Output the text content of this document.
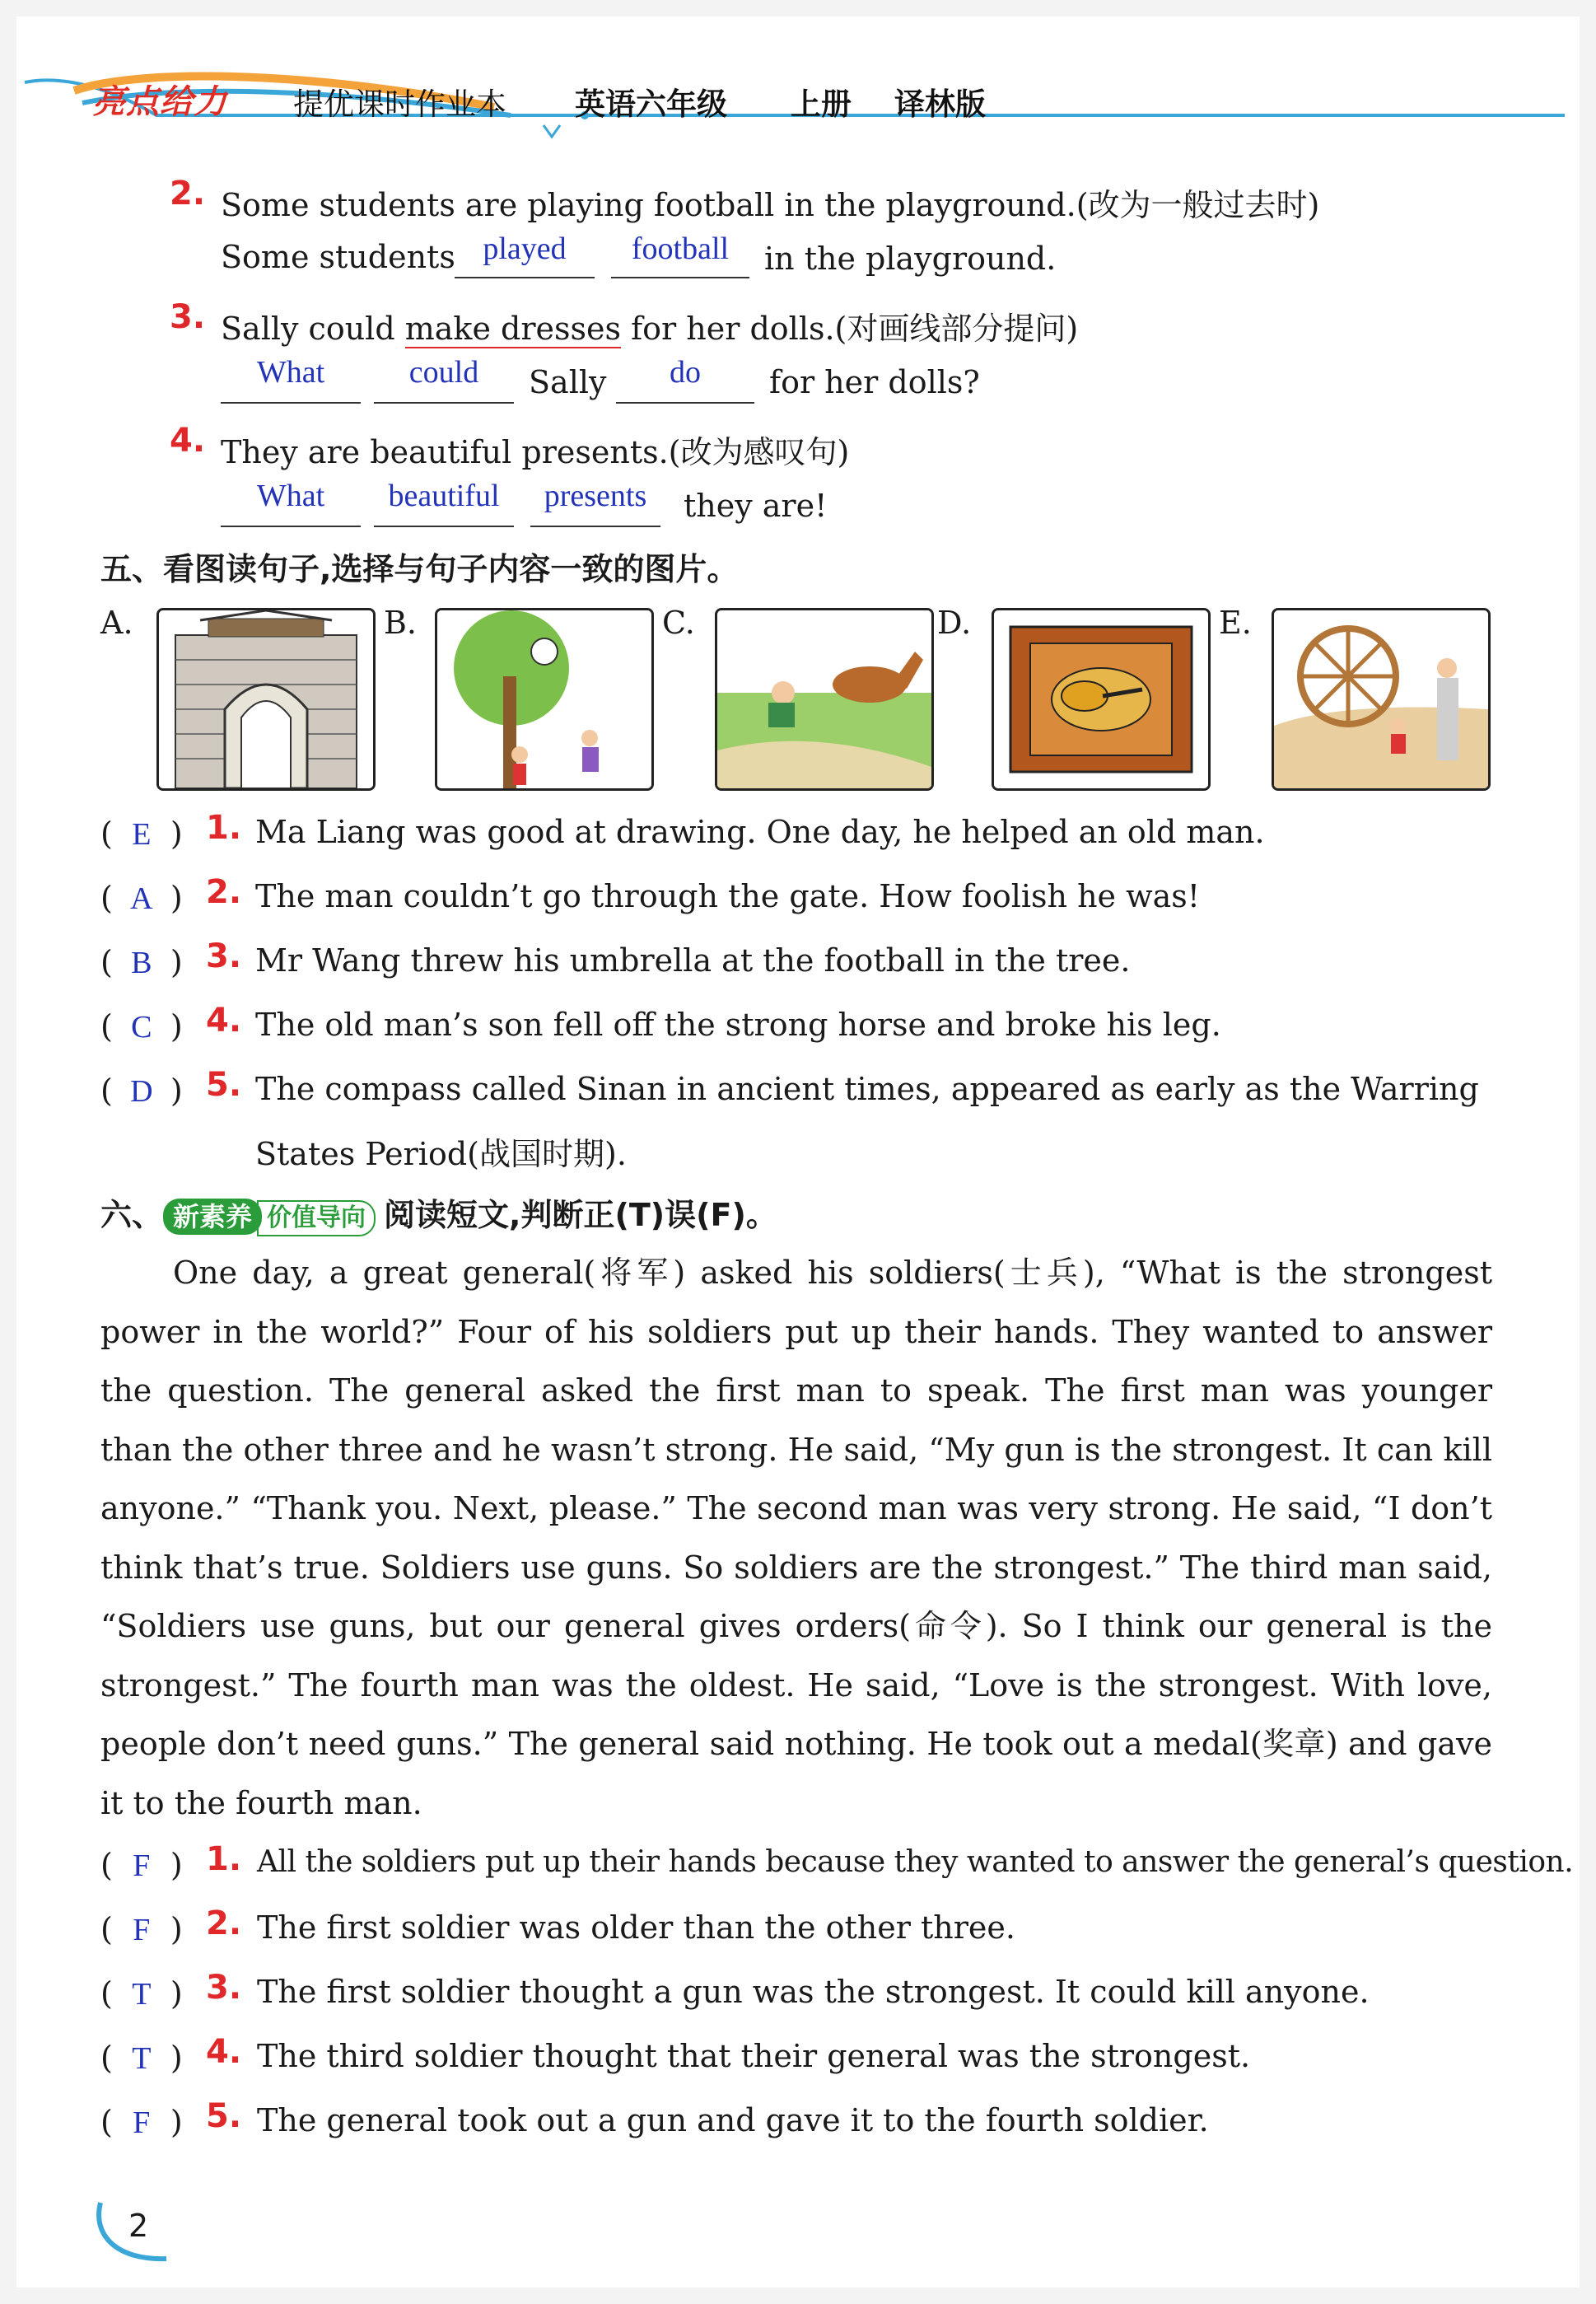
亮点给力 提优课时作业本 英语六年级 上册 译林版
2. Some students are playing football in the playground.(改为一般过去时)
Some students played	football	in the playground.
3. Sally could make dresses for her dolls.(对画线部分提问)
What	could	Sally	do	for her dolls?
4. They are beautiful presents.(改为感叹句)
What	beautiful	presents	they are!
五、看图读句子,选择与句子内容一致的图片。
A.	B.	C.	D.	E.
( E ) 1. Ma Liang was good at drawing. One day, he helped an old man.
( A ) 2. The man couldn’t go through the gate. How foolish he was!
( B ) 3. Mr Wang threw his umbrella at the football in the tree.
( C ) 4. The old man’s son fell off the strong horse and broke his leg.
( D ) 5. The compass called Sinan in ancient times, appeared as early as the Warring
States Period(战国时期).
六、 新素养 价值导向 阅读短文,判断正(T)误(F)。

One day, a great general(将军) asked his soldiers(士兵), “What is the strongest power in the world?” Four of his soldiers put up their hands. They wanted to answer the question. The general asked the first man to speak. The first man was younger than the other three and he wasn’t strong. He said, “My gun is the strongest. It can kill anyone.” “Thank you. Next, please.” The second man was very strong. He said, “I don’t think that’s true. Soldiers use guns. So soldiers are the strongest.” The third man said, “Soldiers use guns, but our general gives orders(命令). So I think our general is the strongest.” The fourth man was the oldest. He said, “Love is the strongest. With love, people don’t need guns.” The general said nothing. He took out a medal(奖章) and gave it to the fourth man.

( F ) 1. All the soldiers put up their hands because they wanted to answer the general’s question.
( F ) 2. The first soldier was older than the other three.
( T ) 3. The first soldier thought a gun was the strongest. It could kill anyone.
( T ) 4. The third soldier thought that their general was the strongest.
( F ) 5. The general took out a gun and gave it to the fourth soldier.
2
